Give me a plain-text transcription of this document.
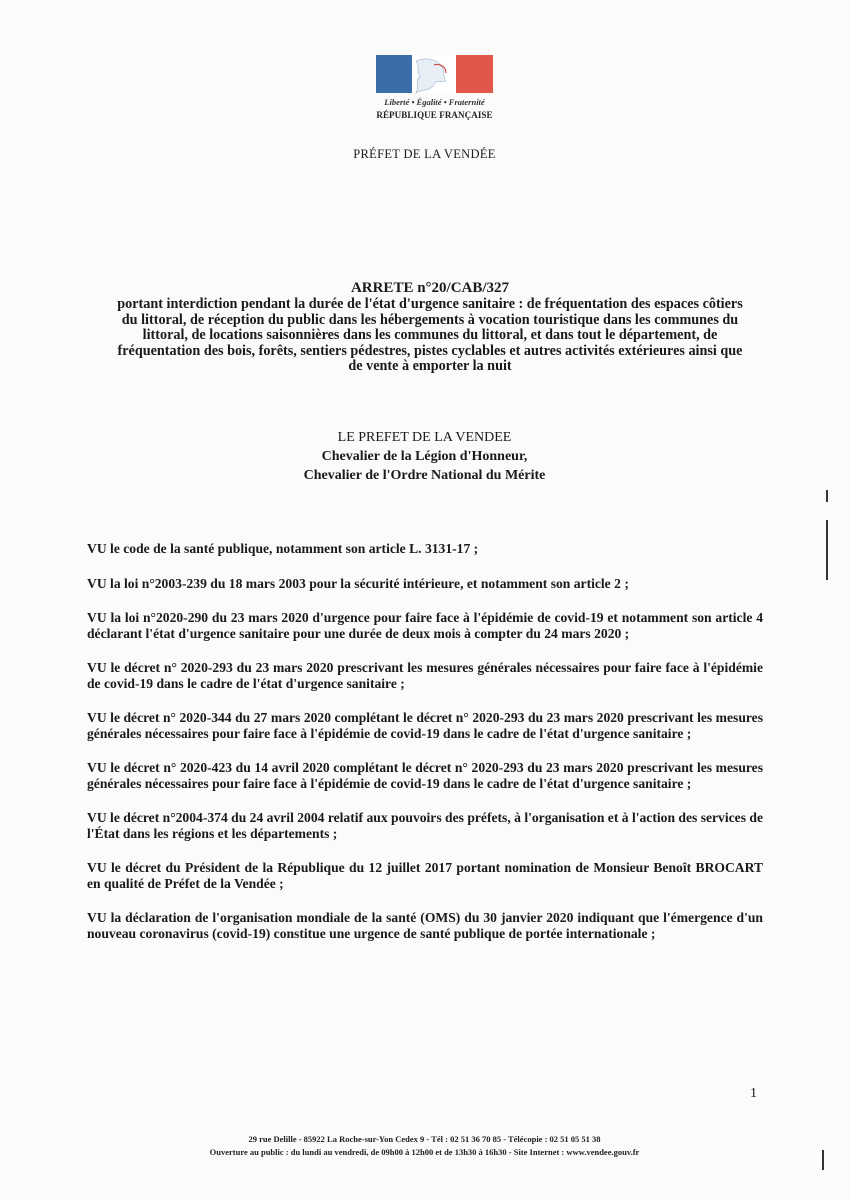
Liberté • Égalité • Fraternité
RÉPUBLIQUE FRANÇAISE
PRÉFET DE LA VENDÉE

ARRETE n°20/CAB/327

portant interdiction pendant la durée de l'état d'urgence sanitaire : de fréquentation des espaces côtiers

du littoral, de réception du public dans les hébergements à vocation touristique dans les communes du

littoral, de locations saisonnières dans les communes du littoral, et dans tout le département, de

fréquentation des bois, forêts, sentiers pédestres, pistes cyclables et autres activités extérieures ainsi que

de vente à emporter la nuit

LE PREFET DE LA VENDEE
Chevalier de la Légion d'Honneur,
Chevalier de l'Ordre National du Mérite

VU le code de la santé publique, notamment son article L. 3131-17 ;

VU la loi n°2003-239 du 18 mars 2003 pour la sécurité intérieure, et notamment son article 2 ;

VU la loi n°2020-290 du 23 mars 2020 d'urgence pour faire face à l'épidémie de covid-19 et notamment son article 4 déclarant l'état d'urgence sanitaire pour une durée de deux mois à compter du 24 mars 2020 ;

VU le décret n° 2020-293 du 23 mars 2020 prescrivant les mesures générales nécessaires pour faire face à l'épidémie de covid-19 dans le cadre de l'état d'urgence sanitaire ;

VU le décret n° 2020-344 du 27 mars 2020 complétant le décret n° 2020-293 du 23 mars 2020 prescrivant les mesures générales nécessaires pour faire face à l'épidémie de covid-19 dans le cadre de l'état d'urgence sanitaire ;

VU le décret n° 2020-423 du 14 avril 2020 complétant le décret n° 2020-293 du 23 mars 2020 prescrivant les mesures générales nécessaires pour faire face à l'épidémie de covid-19 dans le cadre de l'état d'urgence sanitaire ;

VU le décret n°2004-374 du 24 avril 2004 relatif aux pouvoirs des préfets, à l'organisation et à l'action des services de l'État dans les régions et les départements ;

VU le décret du Président de la République du 12 juillet 2017 portant nomination de Monsieur Benoît BROCART en qualité de Préfet de la Vendée ;

VU la déclaration de l'organisation mondiale de la santé (OMS) du 30 janvier 2020 indiquant que l'émergence d'un nouveau coronavirus (covid-19) constitue une urgence de santé publique de portée internationale ;

1
29 rue Delille - 85922 La Roche-sur-Yon Cedex 9 - Tél : 02 51 36 70 85 - Télécopie : 02 51 05 51 38
Ouverture au public : du lundi au vendredi, de 09h00 à 12h00 et de 13h30 à 16h30 - Site Internet : www.vendee.gouv.fr
